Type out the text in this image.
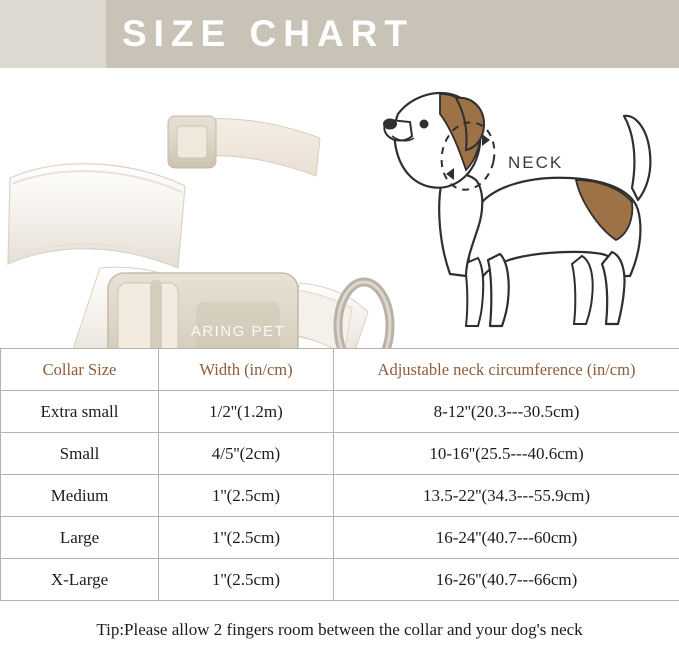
SIZE CHART
ARING PET
NECK
Collar Size	Width (in/cm)	Adjustable neck circumference (in/cm)
Extra small	1/2''(1.2m)	8-12''(20.3---30.5cm)
Small	4/5''(2cm)	10-16''(25.5---40.6cm)
Medium	1''(2.5cm)	13.5-22''(34.3---55.9cm)
Large	1''(2.5cm)	16-24''(40.7---60cm)
X-Large	1''(2.5cm)	16-26''(40.7---66cm)
Tip:Please allow 2 fingers room between the collar and your dog's neck
